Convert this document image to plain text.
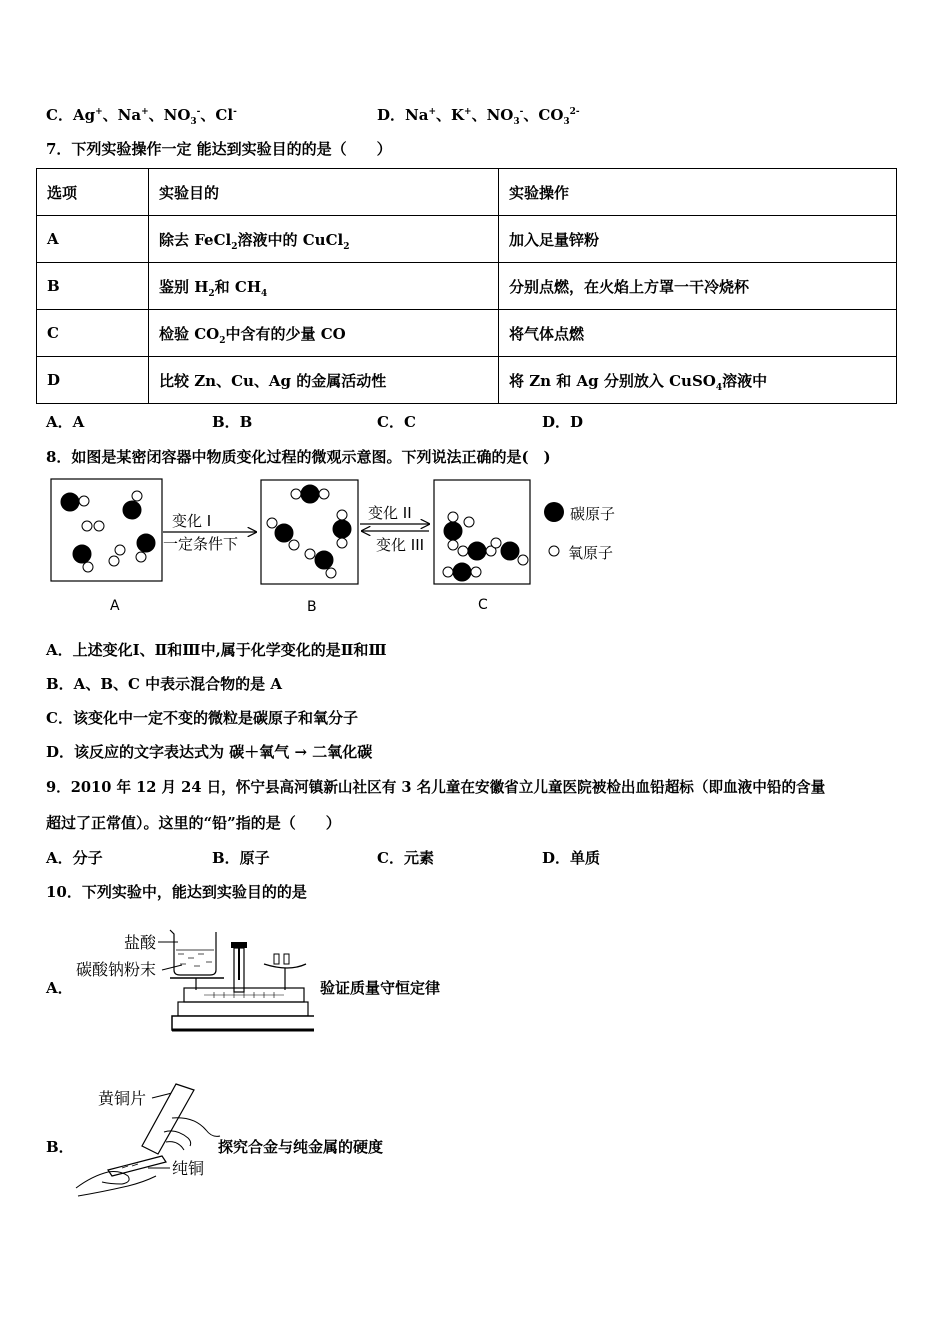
C．Ag+、Na+、$NO_3^-$、Cl-	D．Na+、K+、$NO_3^-$、$CO_3^{2-}$
7．下列实验操作一定 能达到实验目的的是（　　）
选项	实验目的	实验操作
A	除去 FeCl$_2$溶液中的 CuCl$_2$	加入足量锌粉
B	鉴别 $H_2$和 $CH_4$	分别点燃，在火焰上方罩一干冷烧杯
C	检验 $CO_2$中含有的少量 CO	将气体点燃
D	比较 Zn、Cu、Ag 的金属活动性	将 Zn 和 Ag 分别放入 CuSO$_4$溶液中
A．A	B．B	C．C	D．D
8．如图是某密闭容器中物质变化过程的微观示意图。下列说法正确的是(　)
变化 I
一定条件下
变化 II
变化 III
碳原子
氧原子
A	B	C
A．上述变化Ⅰ、Ⅱ和Ⅲ中,属于化学变化的是Ⅱ和Ⅲ
B．A、B、C 中表示混合物的是 A
C．该变化中一定不变的微粒是碳原子和氧分子
D．该反应的文字表达式为 碳＋氧气 → 二氧化碳
9．2010 年 12 月 24 日，怀宁县高河镇新山社区有 3 名儿童在安徽省立儿童医院被检出血铅超标（即血液中铅的含量
超过了正常值）。这里的“铅”指的是（　　）
A．分子	B．原子	C．元素	D．单质
10．下列实验中，能达到实验目的的是
A．
盐酸
碳酸钠粉末
验证质量守恒定律
B．
黄铜片
纯铜
探究合金与纯金属的硬度
